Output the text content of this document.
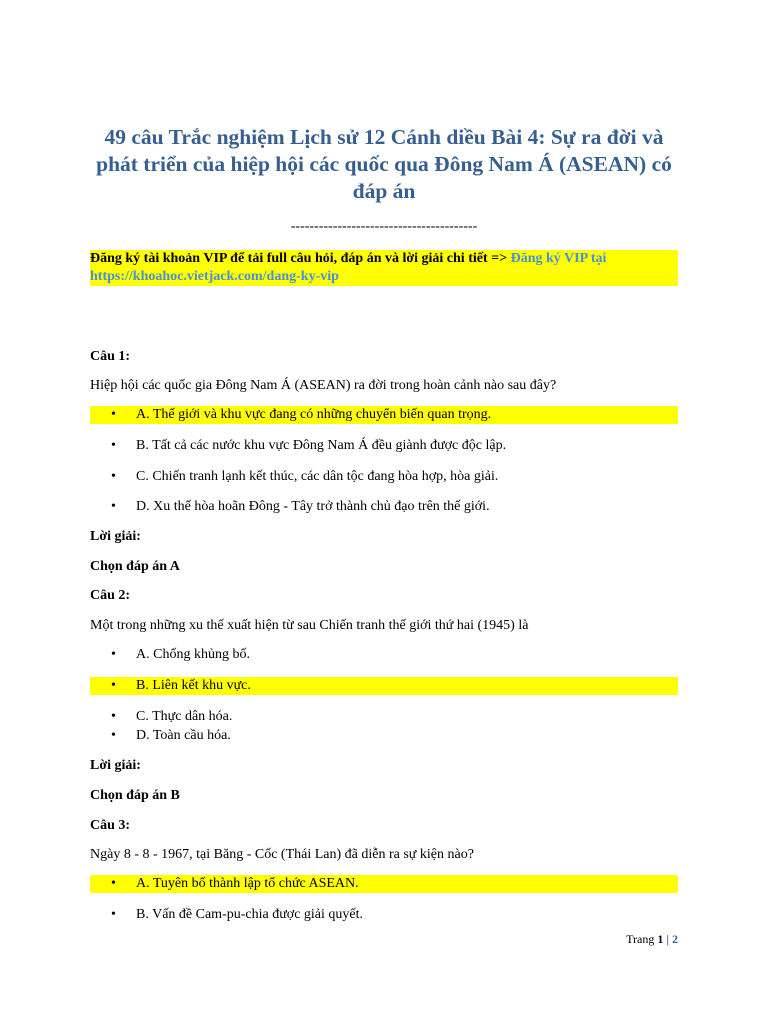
49 câu Trắc nghiệm Lịch sử 12 Cánh diều Bài 4: Sự ra đời và phát triển của hiệp hội các quốc qua Đông Nam Á (ASEAN) có đáp án
----------------------------------------
Đăng ký tài khoản VIP để tải full câu hỏi, đáp án và lời giải chi tiết => Đăng ký VIP tại https://khoahoc.vietjack.com/dang-ky-vip
Câu 1:
Hiệp hội các quốc gia Đông Nam Á (ASEAN) ra đời trong hoàn cảnh nào sau đây?
• A. Thế giới và khu vực đang có những chuyển biến quan trọng.
• B. Tất cả các nước khu vực Đông Nam Á đều giành được độc lập.
• C. Chiến tranh lạnh kết thúc, các dân tộc đang hòa hợp, hòa giải.
• D. Xu thế hòa hoãn Đông - Tây trở thành chủ đạo trên thế giới.
Lời giải:
Chọn đáp án A
Câu 2:
Một trong những xu thế xuất hiện từ sau Chiến tranh thế giới thứ hai (1945) là
• A. Chống khủng bố.
• B. Liên kết khu vực.
• C. Thực dân hóa.
• D. Toàn cầu hóa.
Lời giải:
Chọn đáp án B
Câu 3:
Ngày 8 - 8 - 1967, tại Băng - Cốc (Thái Lan) đã diễn ra sự kiện nào?
• A. Tuyên bố thành lập tổ chức ASEAN.
• B. Vấn đề Cam-pu-chia được giải quyết.
Trang 1 | 2
